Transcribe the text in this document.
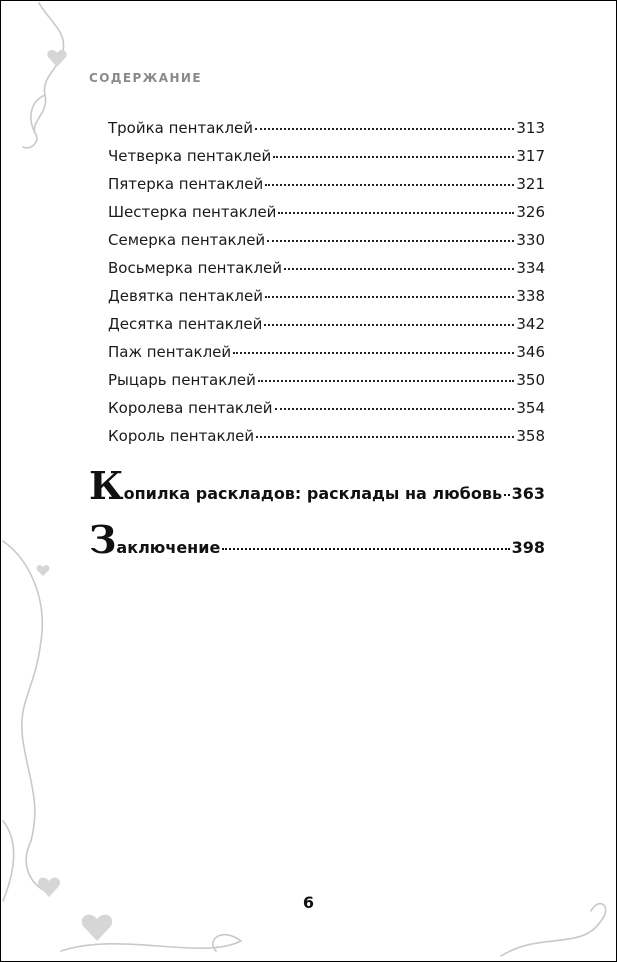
СОДЕРЖАНИЕ
Тройка пентаклей	313
Четверка пентаклей	317
Пятерка пентаклей	321
Шестерка пентаклей	326
Семерка пентаклей	330
Восьмерка пентаклей	334
Девятка пентаклей	338
Десятка пентаклей	342
Паж пентаклей	346
Рыцарь пентаклей	350
Королева пентаклей	354
Король пентаклей	358
К опилка раскладов: расклады на любовь 363
З аключение	398
6
